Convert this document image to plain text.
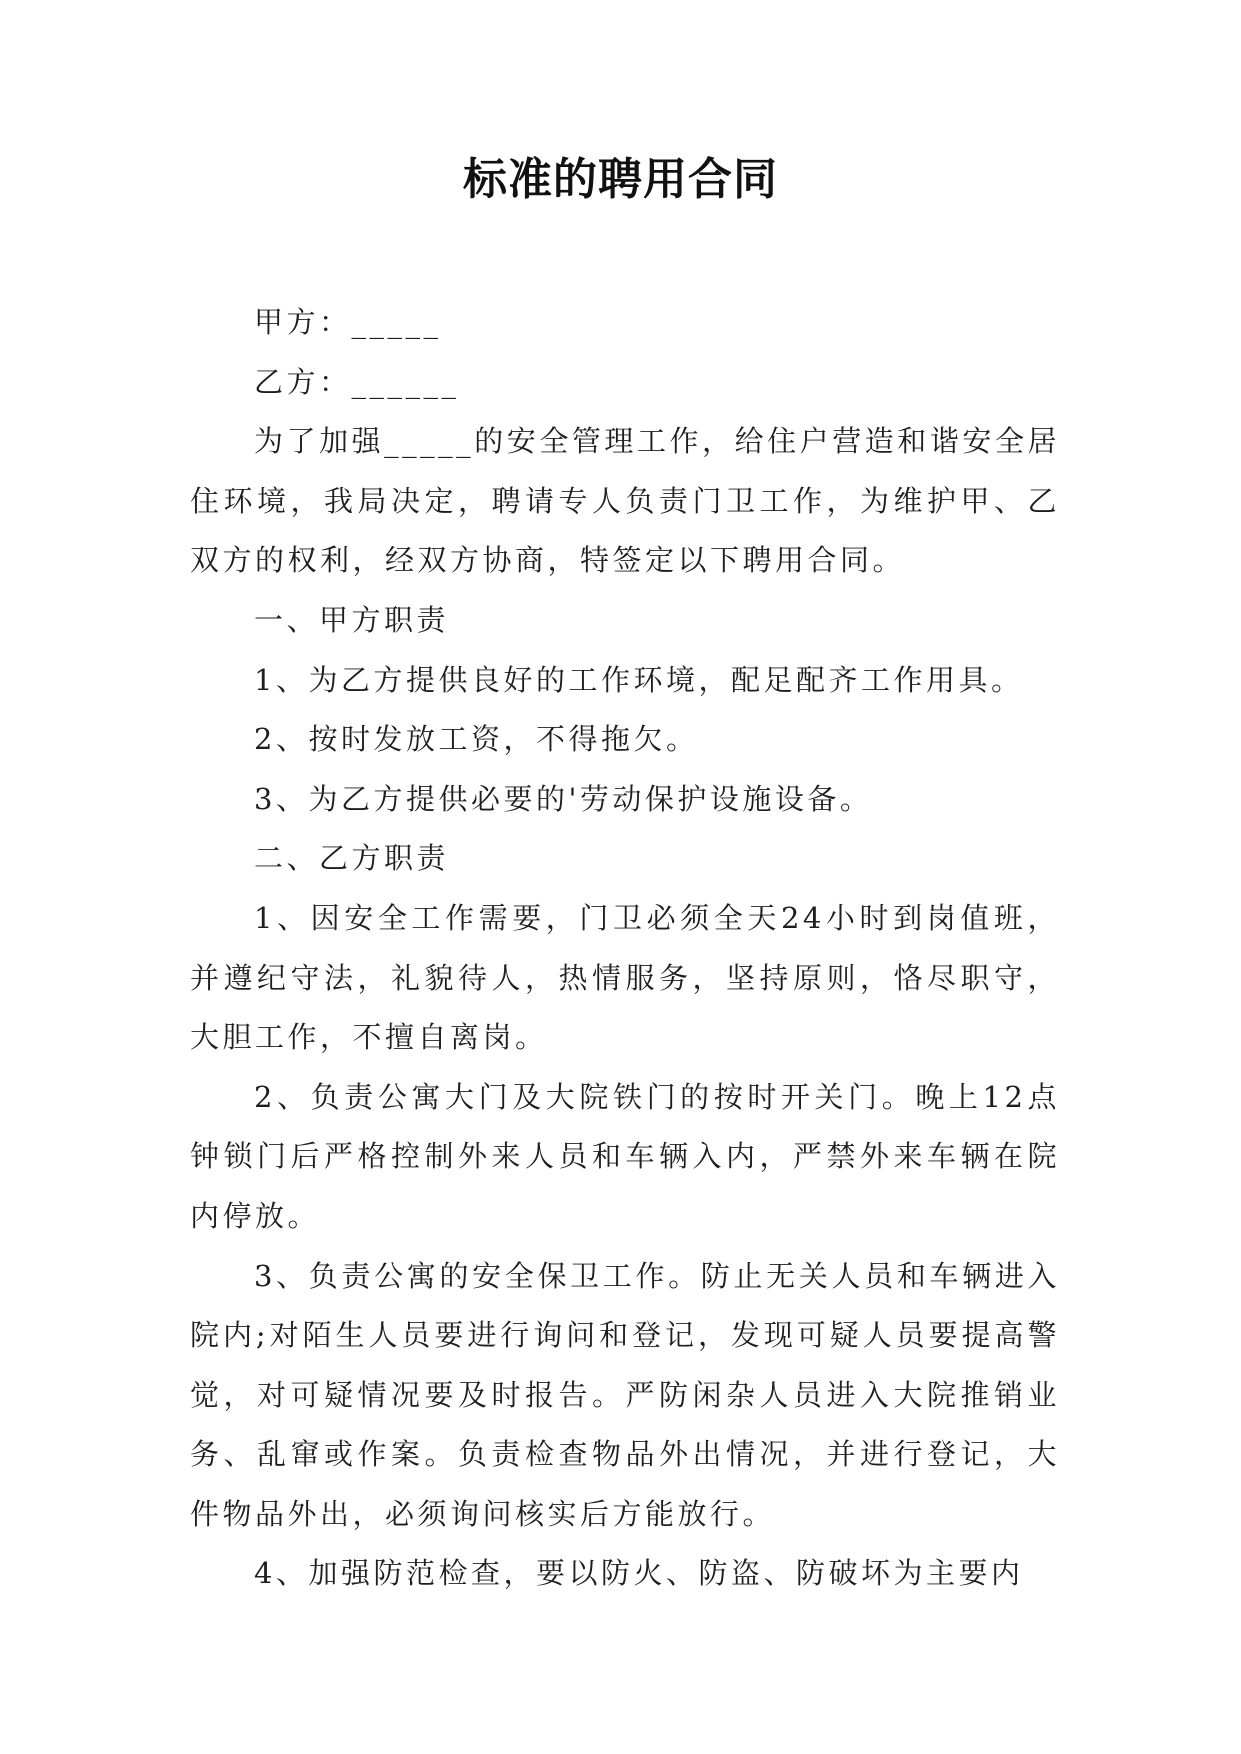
标准的聘用合同

甲方：_____

乙方：______

为了加强_____的安全管理工作，给住户营造和谐安全居住环境，我局决定，聘请专人负责门卫工作，为维护甲、乙双方的权利，经双方协商，特签定以下聘用合同。

一、甲方职责

1、为乙方提供良好的工作环境，配足配齐工作用具。

2、按时发放工资，不得拖欠。

3、为乙方提供必要的'劳动保护设施设备。

二、乙方职责

1、因安全工作需要，门卫必须全天24小时到岗值班，并遵纪守法，礼貌待人，热情服务，坚持原则，恪尽职守，大胆工作，不擅自离岗。

2、负责公寓大门及大院铁门的按时开关门。晚上12点钟锁门后严格控制外来人员和车辆入内，严禁外来车辆在院内停放。

3、负责公寓的安全保卫工作。防止无关人员和车辆进入院内;对陌生人员要进行询问和登记，发现可疑人员要提高警觉，对可疑情况要及时报告。严防闲杂人员进入大院推销业务、乱窜或作案。负责检查物品外出情况，并进行登记，大件物品外出，必须询问核实后方能放行。

4、加强防范检查，要以防火、防盗、防破坏为主要内
